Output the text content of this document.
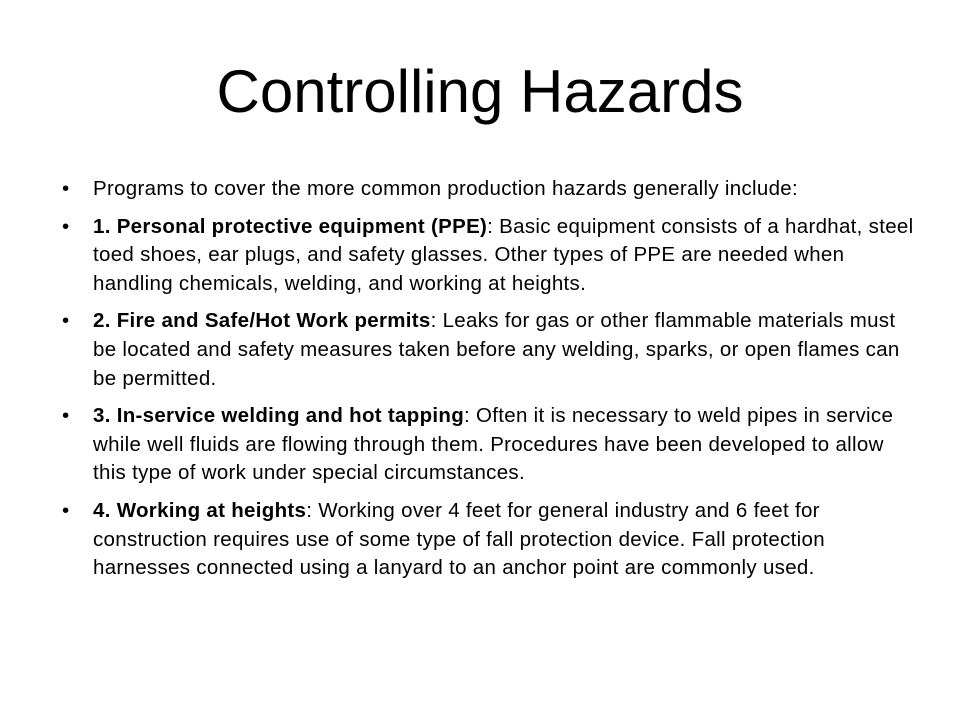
Controlling Hazards
•	Programs to cover the more common production hazards generally include:
•	1. Personal protective equipment (PPE): Basic equipment consists of a hardhat, steel toed shoes, ear plugs, and safety glasses. Other types of PPE are needed when handling chemicals, welding, and working at heights.
•	2. Fire and Safe/Hot Work permits: Leaks for gas or other flammable materials must be located and safety measures taken before any welding, sparks, or open flames can be permitted.
•	3. In-service welding and hot tapping: Often it is necessary to weld pipes in service while well fluids are flowing through them. Procedures have been developed to allow this type of work under special circumstances.
•	4. Working at heights: Working over 4 feet for general industry and 6 feet for construction requires use of some type of fall protection device. Fall protection harnesses connected using a lanyard to an anchor point are commonly used.
